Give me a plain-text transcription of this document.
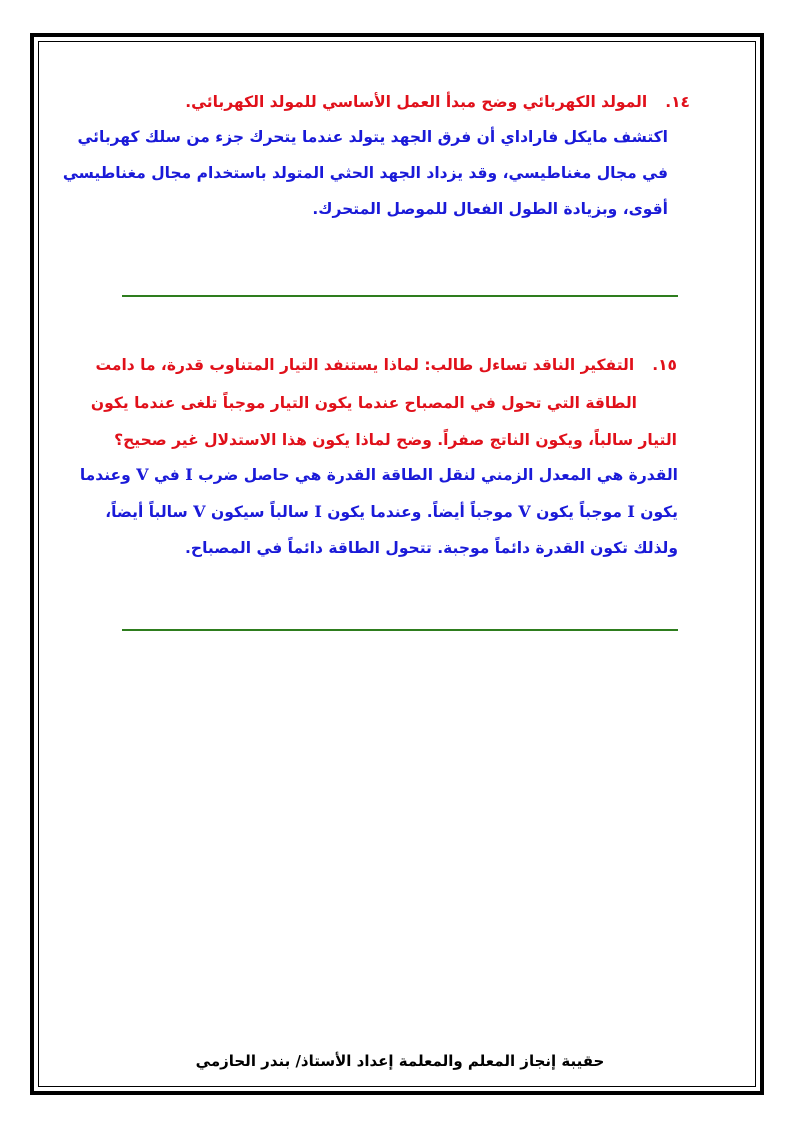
١٤.المولد الكهربائي وضح مبدأ العمل الأساسي للمولد الكهربائي.
اكتشف مايكل فاراداي أن فرق الجهد يتولد عندما يتحرك جزء من سلك كهربائي
في مجال مغناطيسي، وقد يزداد الجهد الحثي المتولد باستخدام مجال مغناطيسي
أقوى، وبزيادة الطول الفعال للموصل المتحرك.
١٥.التفكير الناقد تساءل طالب: لماذا يستنفد التيار المتناوب قدرة، ما دامت
الطاقة التي تحول في المصباح عندما يكون التيار موجباً تلغى عندما يكون
التيار سالباً، ويكون الناتج صفراً. وضح لماذا يكون هذا الاستدلال غير صحيح؟
القدرة هي المعدل الزمني لنقل الطاقة القدرة هي حاصل ضرب I في V وعندما
يكون I موجباً يكون V موجباً أيضاً. وعندما يكون I سالباً سيكون V سالباً أيضاً،
ولذلك تكون القدرة دائماً موجبة. تتحول الطاقة دائماً في المصباح.
حقيبة إنجاز المعلم والمعلمة إعداد الأستاذ/ بندر الحازمي
